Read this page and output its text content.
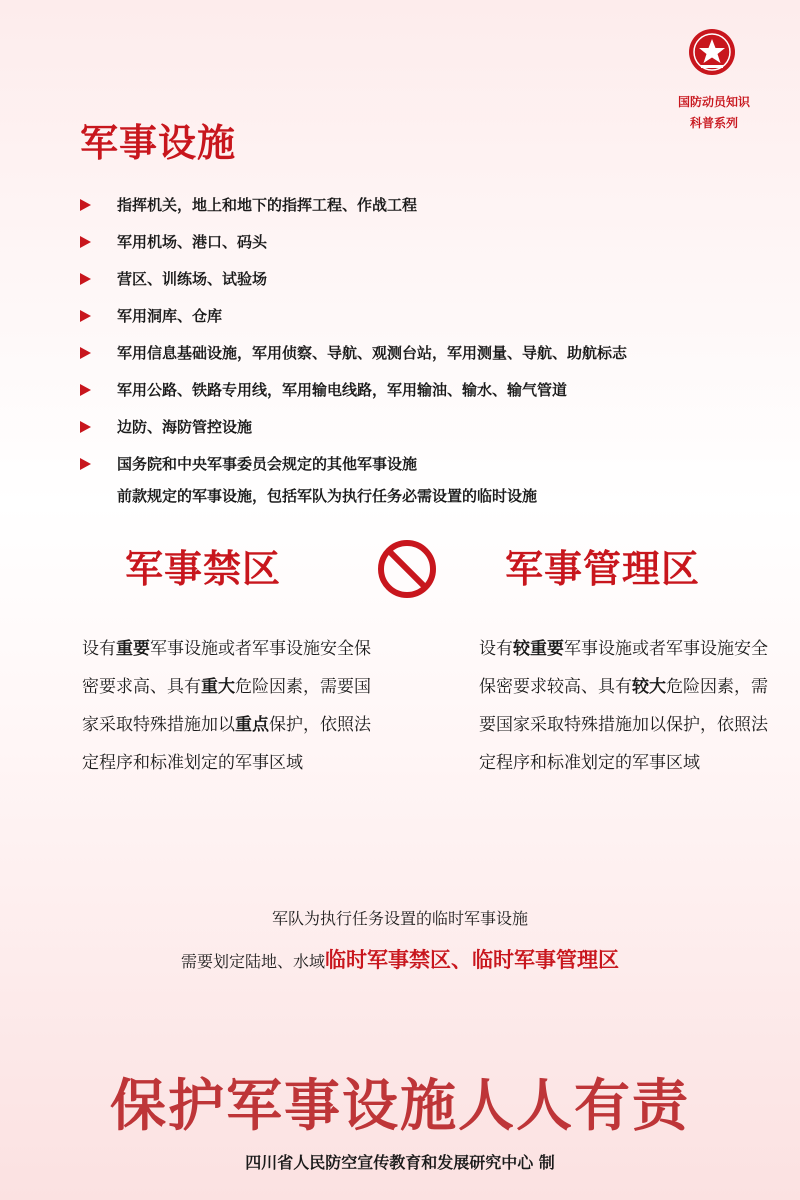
国防动员知识
科普系列
军事设施
指挥机关，地上和地下的指挥工程、作战工程
军用机场、港口、码头
营区、训练场、试验场
军用洞库、仓库
军用信息基础设施，军用侦察、导航、观测台站，军用测量、导航、助航标志
军用公路、铁路专用线，军用输电线路，军用输油、输水、输气管道
边防、海防管控设施
国务院和中央军事委员会规定的其他军事设施
前款规定的军事设施，包括军队为执行任务必需设置的临时设施
军事禁区	军事管理区
设有重要军事设施或者军事设施安全保密要求高、具有重大危险因素，需要国家采取特殊措施加以重点保护，依照法定程序和标准划定的军事区域
设有较重要军事设施或者军事设施安全保密要求较高、具有较大危险因素，需要国家采取特殊措施加以保护，依照法定程序和标准划定的军事区域
军队为执行任务设置的临时军事设施
需要划定陆地、水域临时军事禁区、临时军事管理区
保护军事设施人人有责
四川省人民防空宣传教育和发展研究中心 制
